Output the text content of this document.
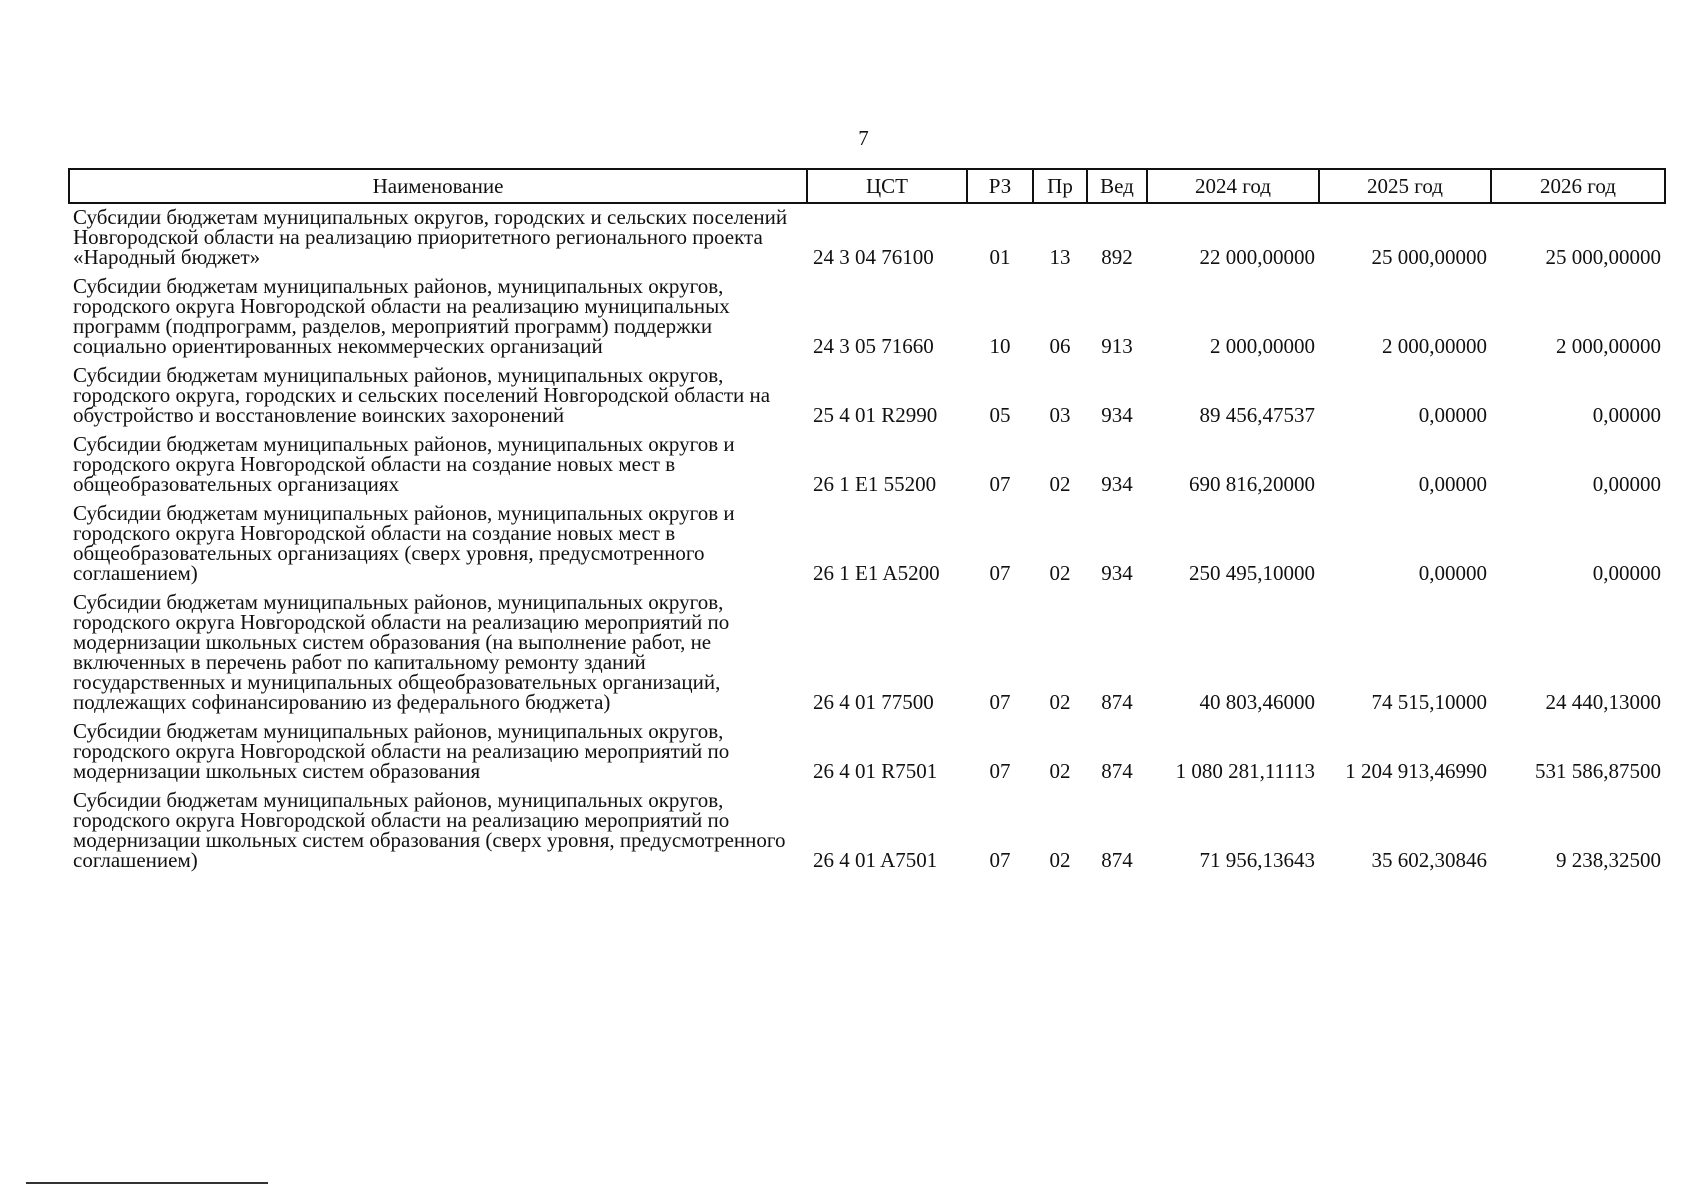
7
Наименование	ЦСТ	РЗ	Пр	Вед	2024 год	2025 год	2026 год
Субсидии бюджетам муниципальных округов, городских и сельских поселений Новгородской области на реализацию приоритетного регионального проекта «Народный бюджет»	24 3 04 76100	01	13	892	22 000,00000	25 000,00000	25 000,00000
Субсидии бюджетам муниципальных районов, муниципальных округов, городского округа Новгородской области на реализацию муниципальных программ (подпрограмм, разделов, мероприятий программ) поддержки социально ориентированных некоммерческих организаций	24 3 05 71660	10	06	913	2 000,00000	2 000,00000	2 000,00000
Субсидии бюджетам муниципальных районов, муниципальных округов, городского округа, городских и сельских поселений Новгородской области на обустройство и восстановление воинских захоронений	25 4 01 R2990	05	03	934	89 456,47537	0,00000	0,00000
Субсидии бюджетам муниципальных районов, муниципальных округов и городского округа Новгородской области на создание новых мест в общеобразовательных организациях	26 1 E1 55200	07	02	934	690 816,20000	0,00000	0,00000
Субсидии бюджетам муниципальных районов, муниципальных округов и городского округа Новгородской области на создание новых мест в общеобразовательных организациях (сверх уровня, предусмотренного соглашением)	26 1 E1 A5200	07	02	934	250 495,10000	0,00000	0,00000
Субсидии бюджетам муниципальных районов, муниципальных округов, городского округа Новгородской области на реализацию мероприятий по модернизации школьных систем образования (на выполнение работ, не включенных в перечень работ по капитальному ремонту зданий государственных и муниципальных общеобразовательных организаций, подлежащих софинансированию из федерального бюджета)	26 4 01 77500	07	02	874	40 803,46000	74 515,10000	24 440,13000
Субсидии бюджетам муниципальных районов, муниципальных округов, городского округа Новгородской области на реализацию мероприятий по модернизации школьных систем образования	26 4 01 R7501	07	02	874	1 080 281,11113	1 204 913,46990	531 586,87500
Субсидии бюджетам муниципальных районов, муниципальных округов, городского округа Новгородской области на реализацию мероприятий по модернизации школьных систем образования (сверх уровня, предусмотренного соглашением)	26 4 01 A7501	07	02	874	71 956,13643	35 602,30846	9 238,32500
